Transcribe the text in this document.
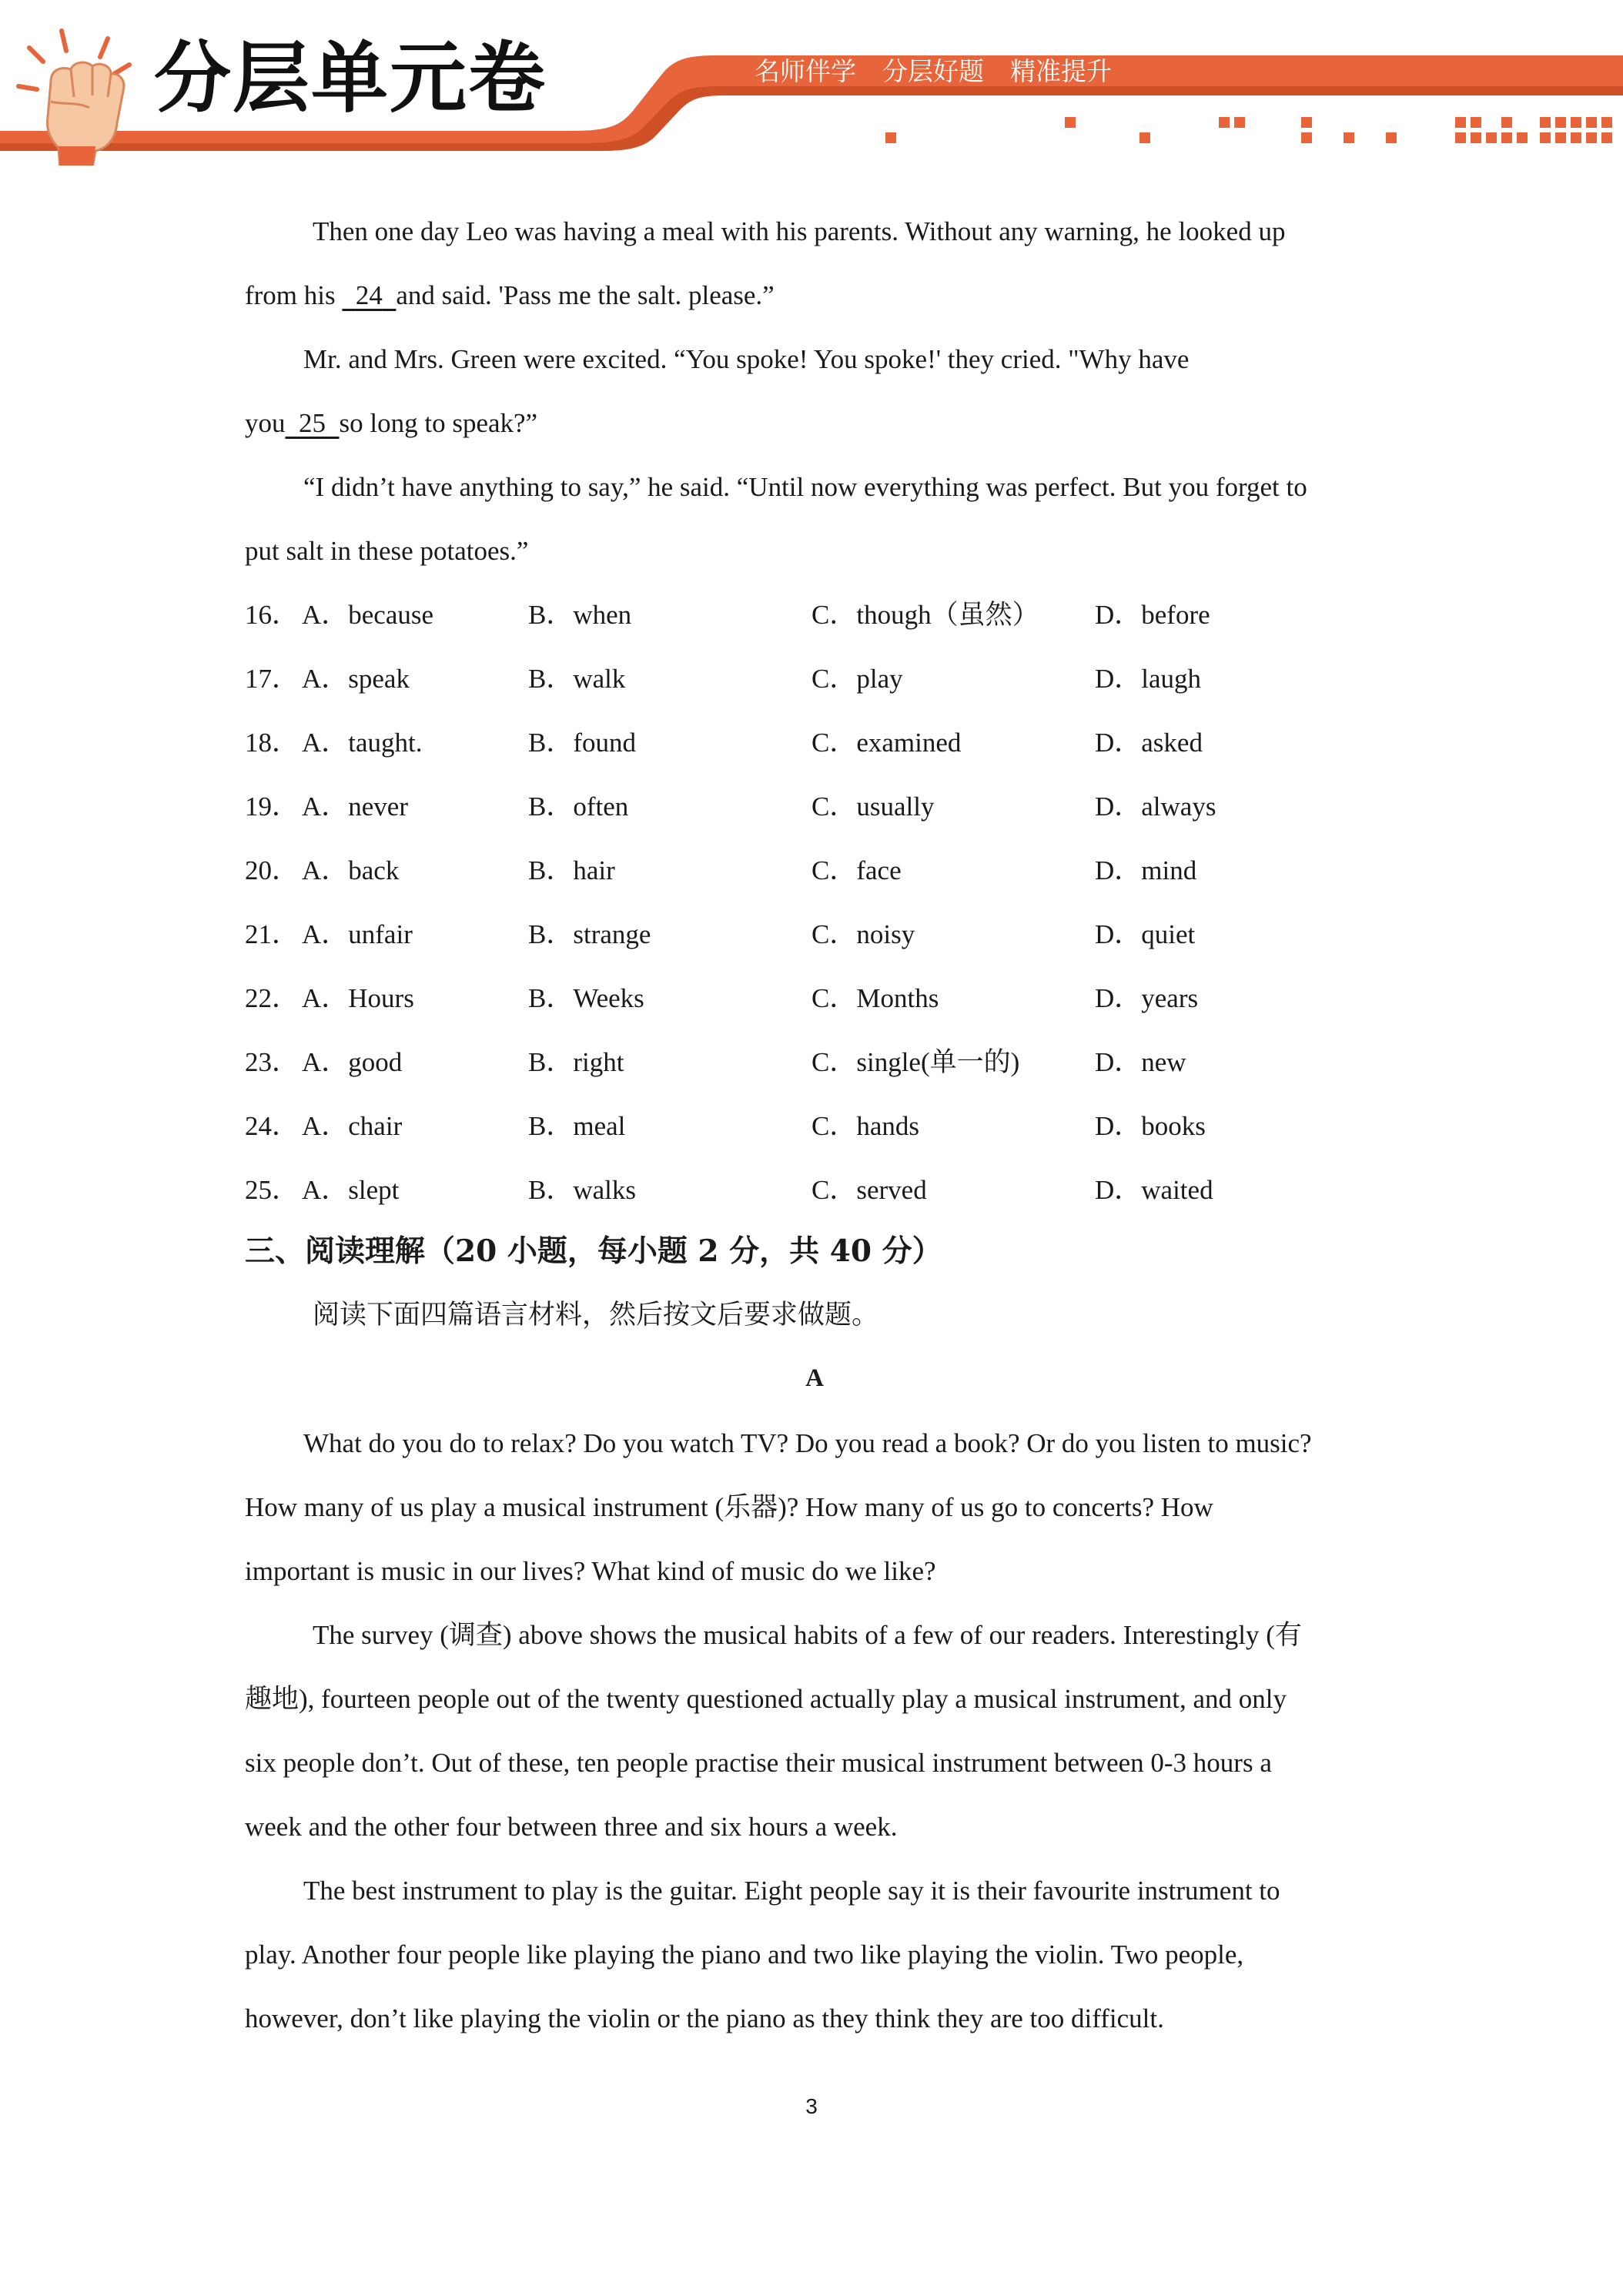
分层单元卷	名师伴学 分层好题 精准提升
Then one day Leo was having a meal with his parents. Without any warning, he looked up
from his   24 and said. 'Pass me the salt. please.”
Mr. and Mrs. Green were excited. “You spoke! You spoke!' they cried. "Why have
you 25 so long to speak?”
“I didn’t have anything to say,” he said. “Until now everything was perfect. But you forget to
put salt in these potatoes.”
16． A．because	B．when	C．though（虽然） D．before
17． A．speak	B．walk	C．play	D．laugh
18． A．taught.	B．found	C．examined	D．asked
19． A．never	B．often	C．usually	D．always
20． A．back	B．hair	C．face	D．mind
21． A．unfair	B．strange	C．noisy	D．quiet
22． A．Hours	B．Weeks	C．Months	D．years
23． A．good	B．right	C．single(单一的)	D．new
24． A．chair	B．meal	C．hands	D．books
25． A．slept	B．walks	C．served	D．waited
三、阅读理解（20 小题，每小题 2 分，共 40 分）
阅读下面四篇语言材料，然后按文后要求做题。
A
What do you do to relax? Do you watch TV? Do you read a book? Or do you listen to music?
How many of us play a musical instrument (乐器)? How many of us go to concerts? How
important is music in our lives? What kind of music do we like?
The survey (调查) above shows the musical habits of a few of our readers. Interestingly (有
趣地), fourteen people out of the twenty questioned actually play a musical instrument, and only
six people don’t. Out of these, ten people practise their musical instrument between 0-3 hours a
week and the other four between three and six hours a week.
The best instrument to play is the guitar. Eight people say it is their favourite instrument to
play. Another four people like playing the piano and two like playing the violin. Two people,
however, don’t like playing the violin or the piano as they think they are too difficult.
3
